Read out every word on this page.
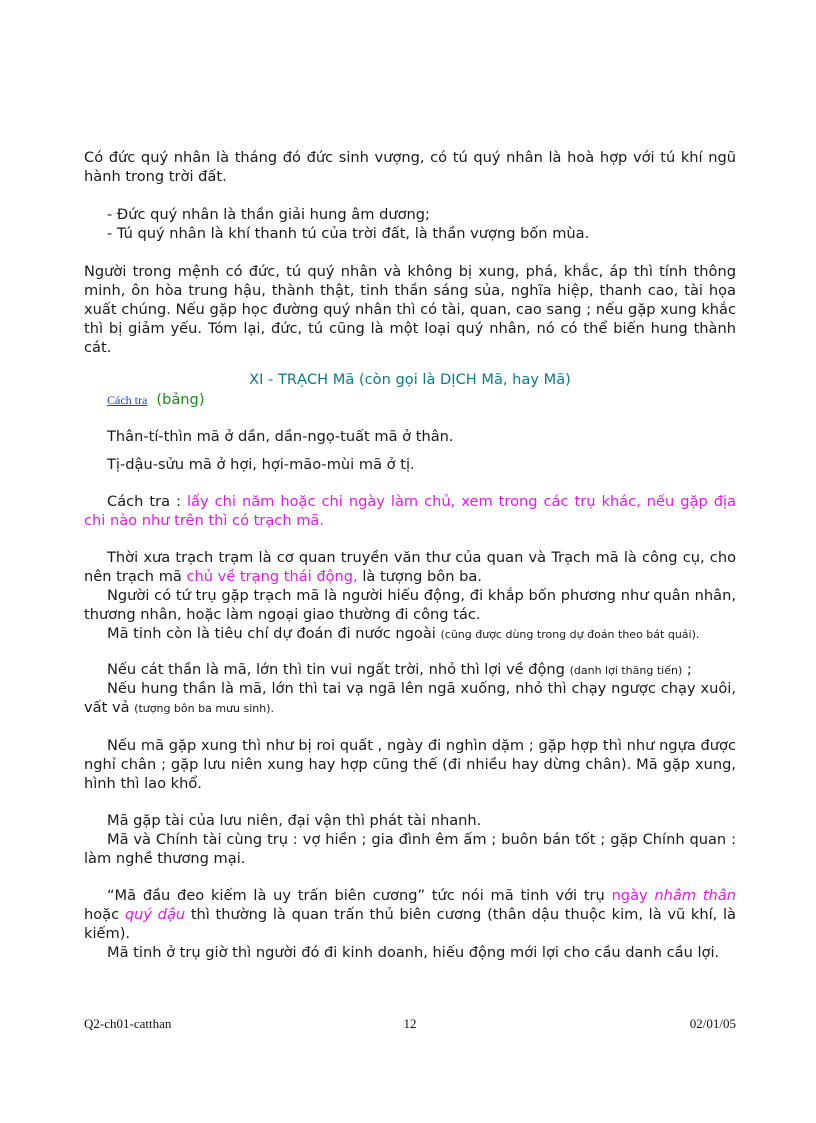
Có đức quý nhân là tháng đó đức sinh vượng, có tú quý nhân là hoà hợp với tú khí ngũ hành trong trời đất.

- Đức quý nhân là thần giải hung âm dương;

- Tú quý nhân là khí thanh tú của trời đất, là thần vượng bốn mùa.

Người trong mệnh có đức, tú quý nhân và không bị xung, phá, khắc, áp thì tính thông minh, ôn hòa trung hậu, thành thật, tinh thần sáng sủa, nghĩa hiệp, thanh cao, tài họa xuất chúng. Nếu gặp học đường quý nhân thì có tài, quan, cao sang ; nếu gặp xung khắc thì bị giảm yếu. Tóm lại, đức, tú cũng là một loại quý nhân, nó có thể biến hung thành cát.

XI - TRẠCH Mã (còn gọi là DỊCH Mã, hay Mã)

Cách tra (bảng)

Thân-tí-thìn mã ở dần, dần-ngọ-tuất mã ở thân.

Tị-dậu-sửu mã ở hợi, hợi-mão-mùi mã ở tị.

Cách tra : lấy chi năm hoặc chi ngày làm chủ, xem trong các trụ khác, nếu gặp địa chi nào như trên thì có trạch mã.

Thời xưa trạch trạm là cơ quan truyền văn thư của quan và Trạch mã là công cụ, cho nên trạch mã chủ về trạng thái động, là tượng bôn ba.

Người có tứ trụ gặp trạch mã là người hiếu động, đi khắp bốn phương như quân nhân, thương nhân, hoặc làm ngoại giao thường đi công tác.

Mã tinh còn là tiêu chí dự đoán đi nước ngoài (cũng được dùng trong dự đoán theo bát quái).

Nếu cát thần là mã, lớn thì tin vui ngất trời, nhỏ thì lợi về động (danh lợi thăng tiến) ;

Nếu hung thần là mã, lớn thì tai vạ ngã lên ngã xuống, nhỏ thì chạy ngược chạy xuôi, vất vả (tượng bôn ba mưu sinh).

Nếu mã gặp xung thì như bị roi quất , ngày đi nghìn dặm ; gặp hợp thì như ngựa được nghỉ chân ; gặp lưu niên xung hay hợp cũng thế (đi nhiều hay dừng chân). Mã gặp xung, hình thì lao khổ.

Mã gặp tài của lưu niên, đại vận thì phát tài nhanh.

Mã và Chính tài cùng trụ : vợ hiền ; gia đình êm ấm ; buôn bán tốt ; gặp Chính quan : làm nghề thương mại.

“Mã đầu đeo kiếm là uy trấn biên cương” tức nói mã tinh với trụ ngày nhâm thân hoặc quý dậu thì thường là quan trấn thủ biên cương (thân dậu thuộc kim, là vũ khí, là kiếm).

Mã tinh ở trụ giờ thì người đó đi kinh doanh, hiếu động mới lợi cho cầu danh cầu lợi.

Q2-ch01-catthan	12	02/01/05
